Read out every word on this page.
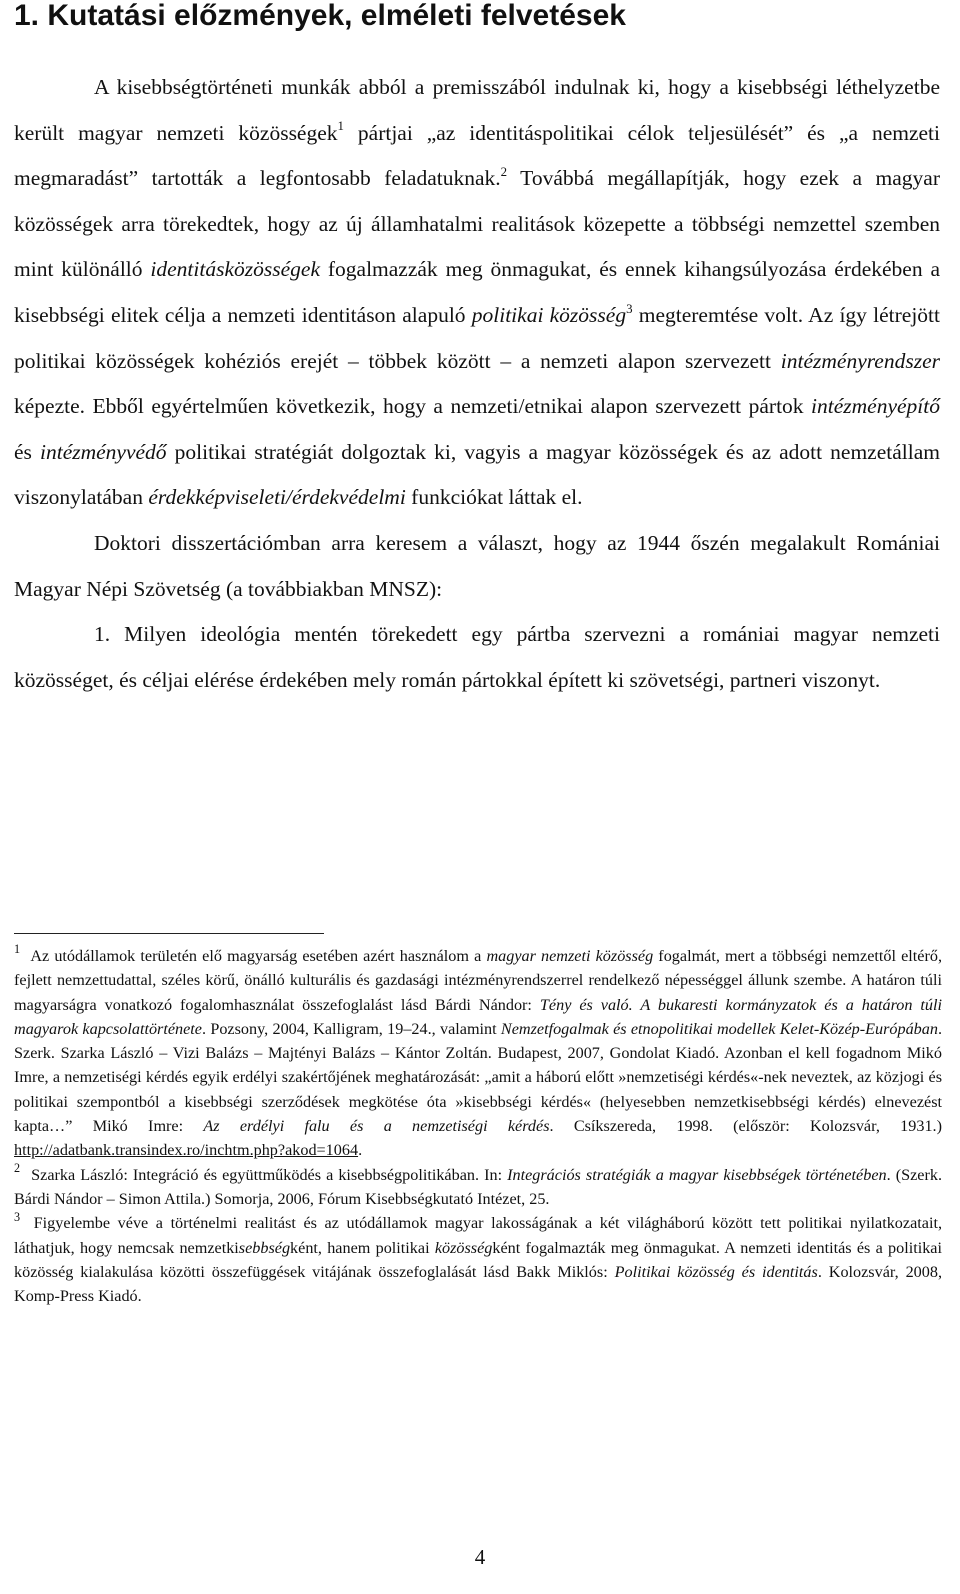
1. Kutatási előzmények, elméleti felvetések

A kisebbségtörténeti munkák abból a premisszából indulnak ki, hogy a kisebbségi léthelyzetbe került magyar nemzeti közösségek$^1$ pártjai „az identitáspolitikai célok teljesülését” és „a nemzeti megmaradást” tartották a legfontosabb feladatuknak.$^2$ Továbbá megállapítják, hogy ezek a magyar közösségek arra törekedtek, hogy az új államhatalmi realitások közepette a többségi nemzettel szemben mint különálló identitásközösségek fogalmazzák meg önmagukat, és ennek kihangsúlyozása érdekében a kisebbségi elitek célja a nemzeti identitáson alapuló politikai közösség$^3$ megteremtése volt. Az így létrejött politikai közösségek kohéziós erejét – többek között – a nemzeti alapon szervezett intézményrendszer képezte. Ebből egyértelműen következik, hogy a nemzeti/etnikai alapon szervezett pártok intézményépítő és intézményvédő politikai stratégiát dolgoztak ki, vagyis a magyar közösségek és az adott nemzetállam viszonylatában érdekképviseleti/érdekvédelmi funkciókat láttak el.

Doktori disszertációmban arra keresem a választ, hogy az 1944 őszén megalakult Romániai Magyar Népi Szövetség (a továbbiakban MNSZ):

1. Milyen ideológia mentén törekedett egy pártba szervezni a romániai magyar nemzeti közösséget, és céljai elérése érdekében mely román pártokkal épített ki szövetségi, partneri viszonyt.

$^1$ Az utódállamok területén elő magyarság esetében azért használom a magyar nemzeti közösség fogalmát, mert a többségi nemzettől eltérő, fejlett nemzettudattal, széles körű, önálló kulturális és gazdasági intézményrendszerrel rendelkező népességgel állunk szembe. A határon túli magyarságra vonatkozó fogalomhasználat összefoglalást lásd Bárdi Nándor: Tény és való. A bukaresti kormányzatok és a határon túli magyarok kapcsolattörténete. Pozsony, 2004, Kalligram, 19–24., valamint Nemzetfogalmak és etnopolitikai modellek Kelet-Közép-Európában. Szerk. Szarka László – Vizi Balázs – Majtényi Balázs – Kántor Zoltán. Budapest, 2007, Gondolat Kiadó. Azonban el kell fogadnom Mikó Imre, a nemzetiségi kérdés egyik erdélyi szakértőjének meghatározását: „amit a háború előtt »nemzetiségi kérdés«-nek neveztek, az közjogi és politikai szempontból a kisebbségi szerződések megkötése óta »kisebbségi kérdés« (helyesebben nemzetkisebbségi kérdés) elnevezést kapta…” Mikó Imre: Az erdélyi falu és a nemzetiségi kérdés. Csíkszereda, 1998. (először: Kolozsvár, 1931.) http://adatbank.transindex.ro/inchtm.php?akod=1064.

$^2$ Szarka László: Integráció és együttműködés a kisebbségpolitikában. In: Integrációs stratégiák a magyar kisebbségek történetében. (Szerk. Bárdi Nándor – Simon Attila.) Somorja, 2006, Fórum Kisebbségkutató Intézet, 25.

$^3$ Figyelembe véve a történelmi realitást és az utódállamok magyar lakosságának a két világháború között tett politikai nyilatkozatait, láthatjuk, hogy nemcsak nemzetkisebbségként, hanem politikai közösségként fogalmazták meg önmagukat. A nemzeti identitás és a politikai közösség kialakulása közötti összefüggések vitájának összefoglalását lásd Bakk Miklós: Politikai közösség és identitás. Kolozsvár, 2008, Komp-Press Kiadó.

4
